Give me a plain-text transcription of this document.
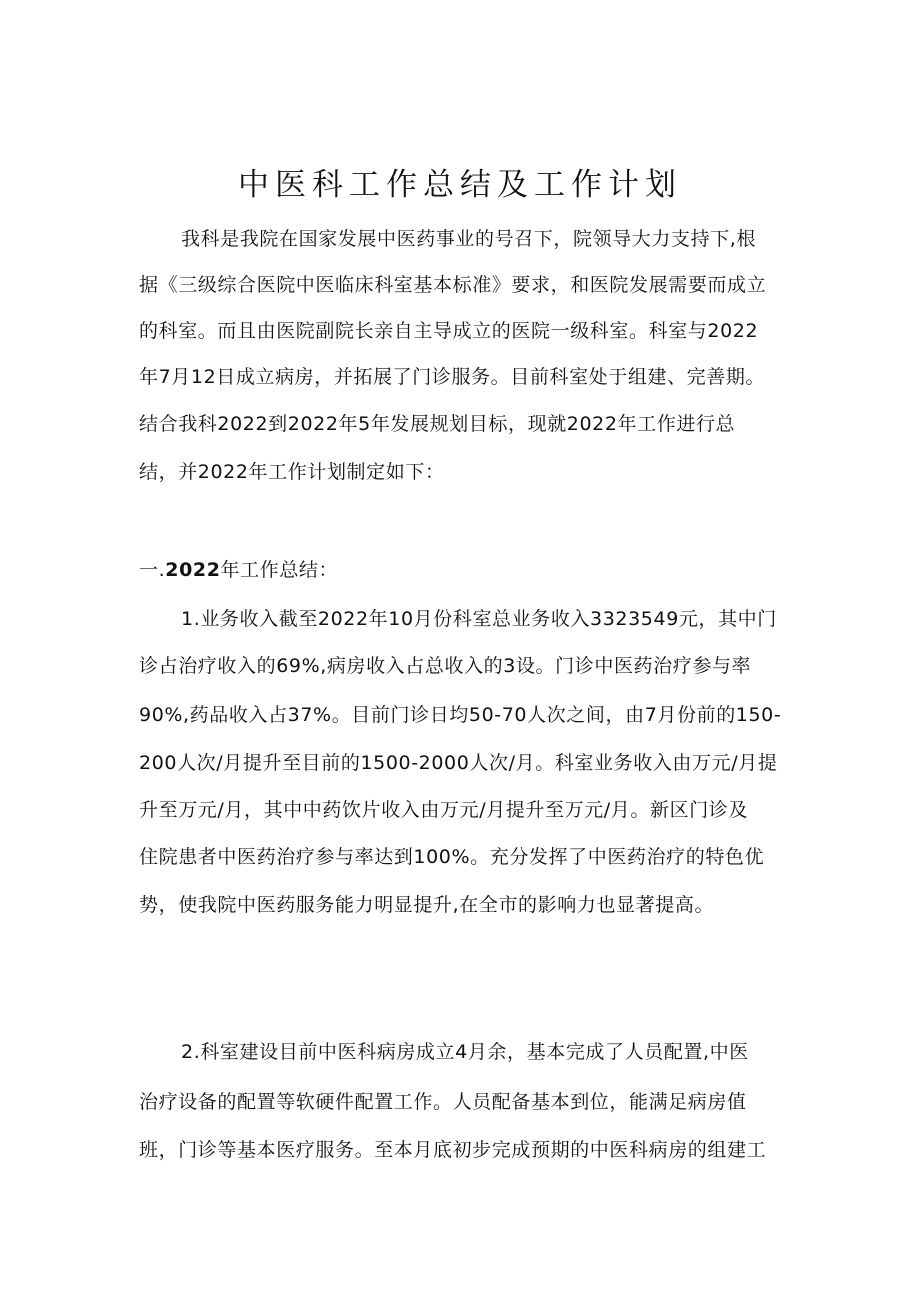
中医科工作总结及工作计划
我科是我院在国家发展中医药事业的号召下，院领导大力支持下,根
据《三级综合医院中医临床科室基本标准》要求，和医院发展需要而成立
的科室。而且由医院副院长亲自主导成立的医院一级科室。科室与2022
年7月12日成立病房，并拓展了门诊服务。目前科室处于组建、完善期。
结合我科2022到2022年5年发展规划目标，现就2022年工作进行总
结，并2022年工作计划制定如下：
一.2022年工作总结：
1.业务收入截至2022年10月份科室总业务收入3323549元，其中门
诊占治疗收入的69%,病房收入占总收入的3设。门诊中医药治疗参与率
90%,药品收入占37%。目前门诊日均50-70人次之间，由7月份前的150-
200人次/月提升至目前的1500-2000人次/月。科室业务收入由万元/月提
升至万元/月，其中中药饮片收入由万元/月提升至万元/月。新区门诊及
住院患者中医药治疗参与率达到100%。充分发挥了中医药治疗的特色优
势，使我院中医药服务能力明显提升,在全市的影响力也显著提高。
2.科室建设目前中医科病房成立4月余，基本完成了人员配置,中医
治疗设备的配置等软硬件配置工作。人员配备基本到位，能满足病房值
班，门诊等基本医疗服务。至本月底初步完成预期的中医科病房的组建工
